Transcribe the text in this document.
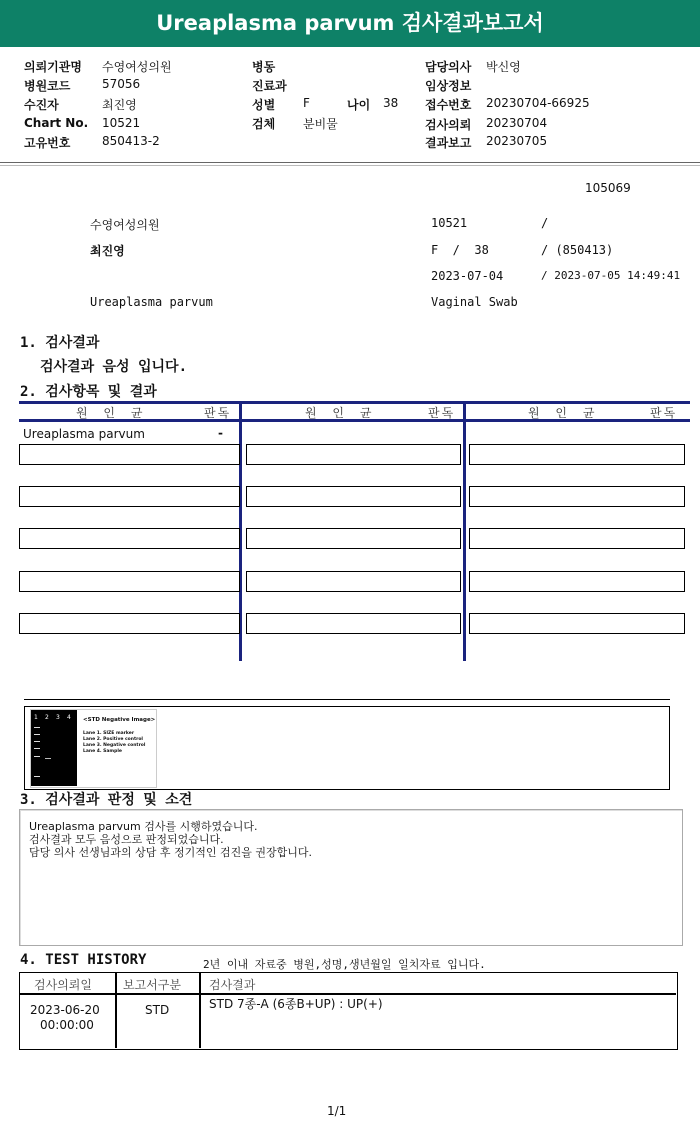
Ureaplasma parvum 검사결과보고서
의뢰기관명 수영여성의원
병원코드	57056
수진자	최진영
Chart No. 10521
고유번호	850413-2
병동
진료과
성별 F	나이 38
검체 분비물
담당의사 박신영
임상정보
접수번호 20230704-66925
검사의뢰 20230704
결과보고 20230705
105069
수영여성의원	10521	/
최진영	F  /  38	/ (850413)
2023-07-04	/ 2023-07-05 14:49:41
Ureaplasma parvum	Vaginal Swab
1. 검사결과
검사결과 음성 입니다.
2. 검사항목 및 결과
원 인 균	판독	원 인 균	판독	원 인 균	판독
Ureaplasma parvum	-
1 2 3 4 <STD Negative Image>
Lane 1. SIZE marker
Lane 2. Positive control
Lane 3. Negative control
Lane 4. Sample
3. 검사결과 판정 및 소견
Ureaplasma parvum 검사를 시행하였습니다.
검사결과 모두 음성으로 판정되었습니다.
담당 의사 선생님과의 상담 후 정기적인 검진을 권장합니다.
4. TEST HISTORY	2년 이내 자료중 병원,성명,생년월일 일치자료 입니다.
검사의뢰일	보고서구분 검사결과
2023-06-20
00:00:00
STD	STD 7종-A (6종B+UP) : UP(+)
1/1
